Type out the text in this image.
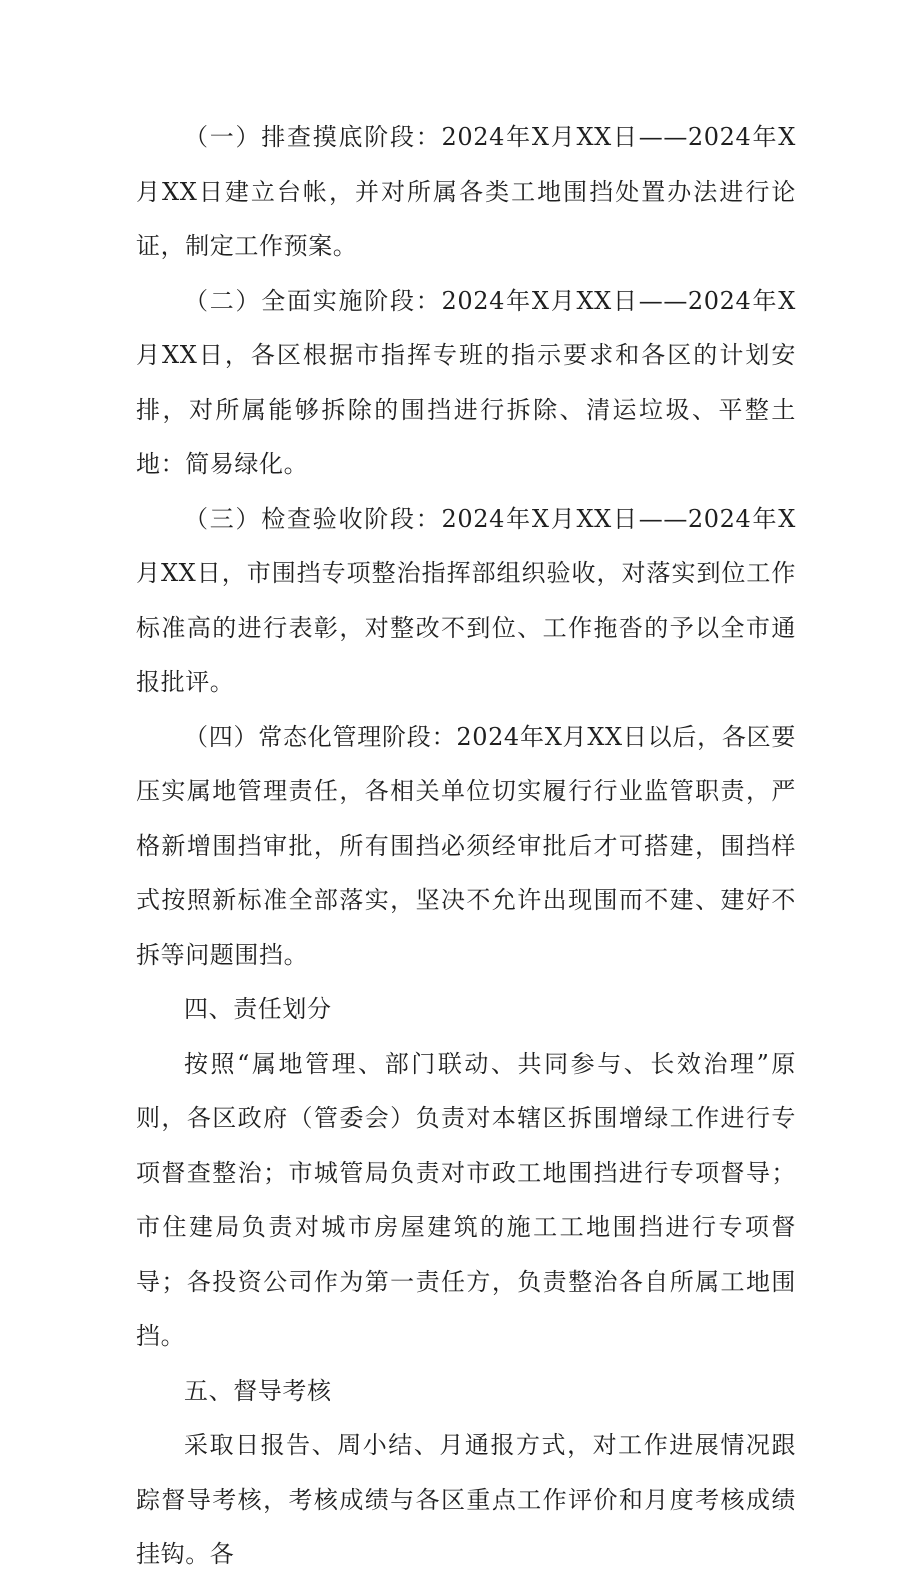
（一）排查摸底阶段：2024年X月XX日——2024年X月XX日建立台帐，并对所属各类工地围挡处置办法进行论证，制定工作预案。

（二）全面实施阶段：2024年X月XX日——2024年X月XX日，各区根据市指挥专班的指示要求和各区的计划安排，对所属能够拆除的围挡进行拆除、清运垃圾、平整土地：简易绿化。

（三）检查验收阶段：2024年X月XX日——2024年X月XX日，市围挡专项整治指挥部组织验收，对落实到位工作标准高的进行表彰，对整改不到位、工作拖沓的予以全市通报批评。

（四）常态化管理阶段：2024年X月XX日以后，各区要压实属地管理责任，各相关单位切实履行行业监管职责，严格新增围挡审批，所有围挡必须经审批后才可搭建，围挡样式按照新标准全部落实，坚决不允许出现围而不建、建好不拆等问题围挡。

四、责任划分

按照“属地管理、部门联动、共同参与、长效治理”原则，各区政府（管委会）负责对本辖区拆围增绿工作进行专项督查整治；市城管局负责对市政工地围挡进行专项督导；市住建局负责对城市房屋建筑的施工工地围挡进行专项督导；各投资公司作为第一责任方，负责整治各自所属工地围挡。

五、督导考核

采取日报告、周小结、月通报方式，对工作进展情况跟踪督导考核，考核成绩与各区重点工作评价和月度考核成绩挂钩。各
